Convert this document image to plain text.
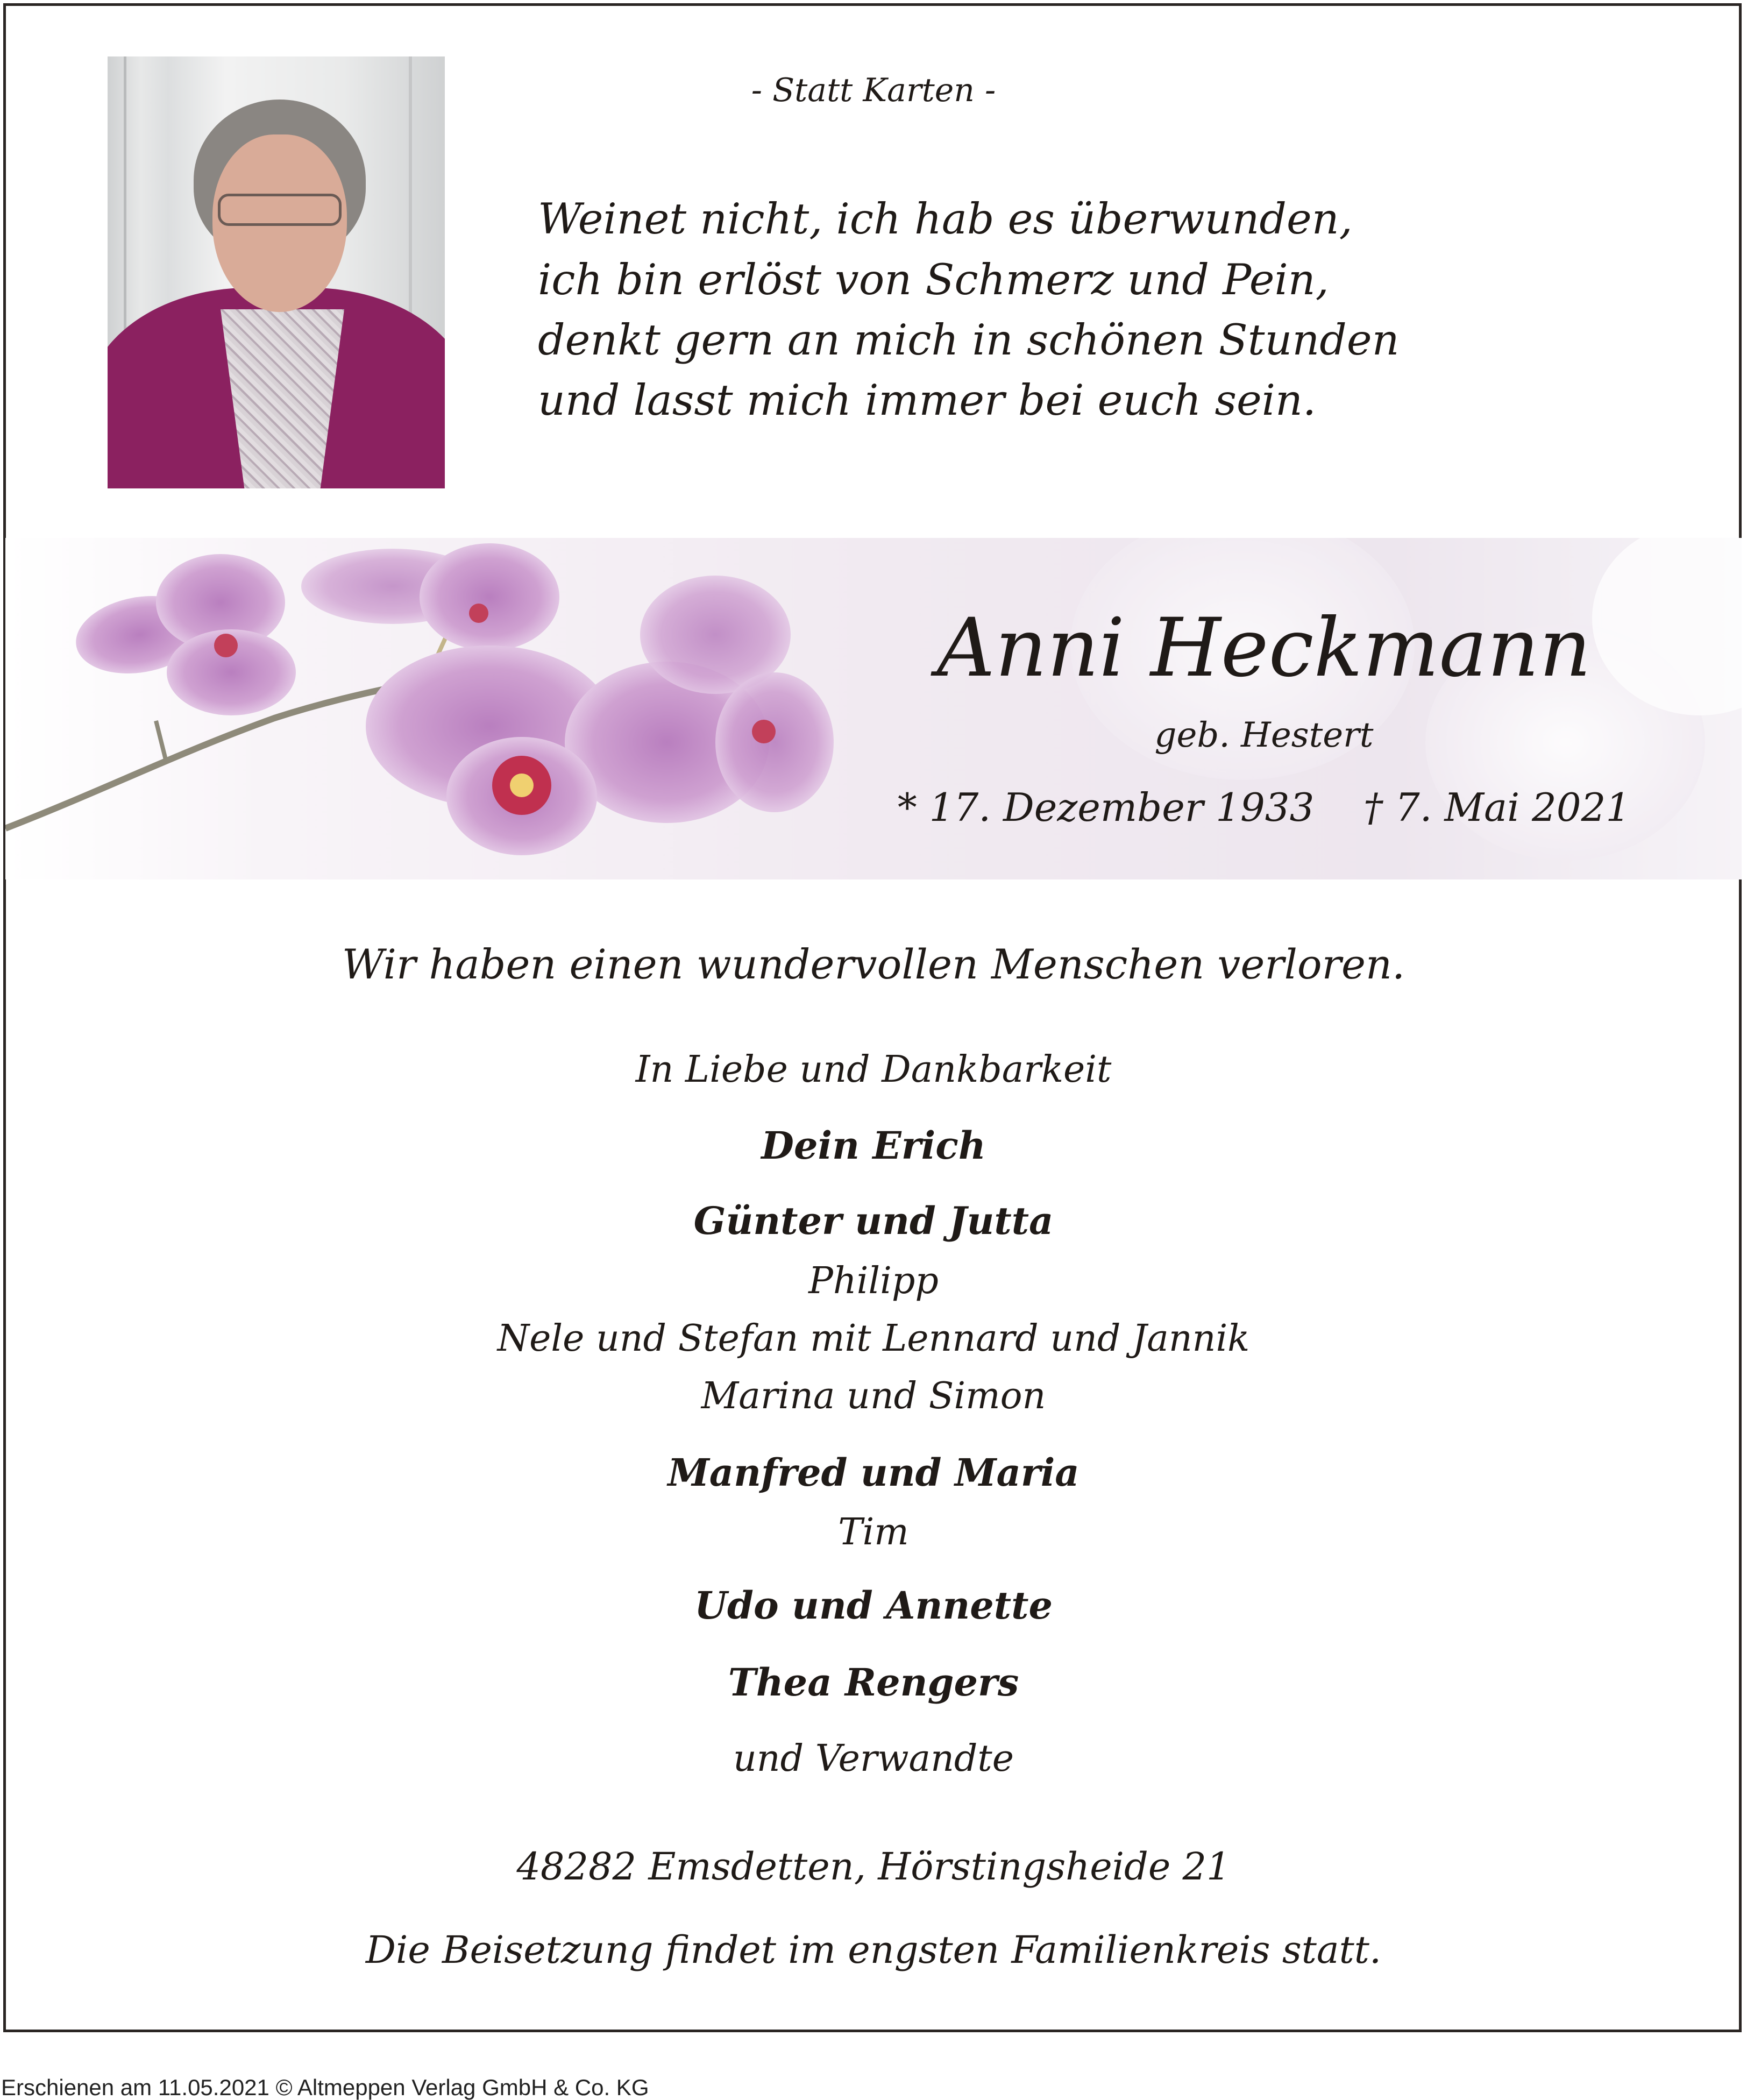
- Statt Karten -
Weinet nicht, ich hab es überwunden,
ich bin erlöst von Schmerz und Pein,
denkt gern an mich in schönen Stunden
und lasst mich immer bei euch sein.
Anni Heckmann
geb. Hestert
* 17. Dezember 1933    † 7. Mai 2021
Wir haben einen wundervollen Menschen verloren.
In Liebe und Dankbarkeit
Dein Erich
Günter und Jutta
Philipp
Nele und Stefan mit Lennard und Jannik
Marina und Simon
Manfred und Maria
Tim
Udo und Annette
Thea Rengers
und Verwandte
48282 Emsdetten, Hörstingsheide 21
Die Beisetzung findet im engsten Familienkreis statt.
Erschienen am 11.05.2021 © Altmeppen Verlag GmbH & Co. KG
